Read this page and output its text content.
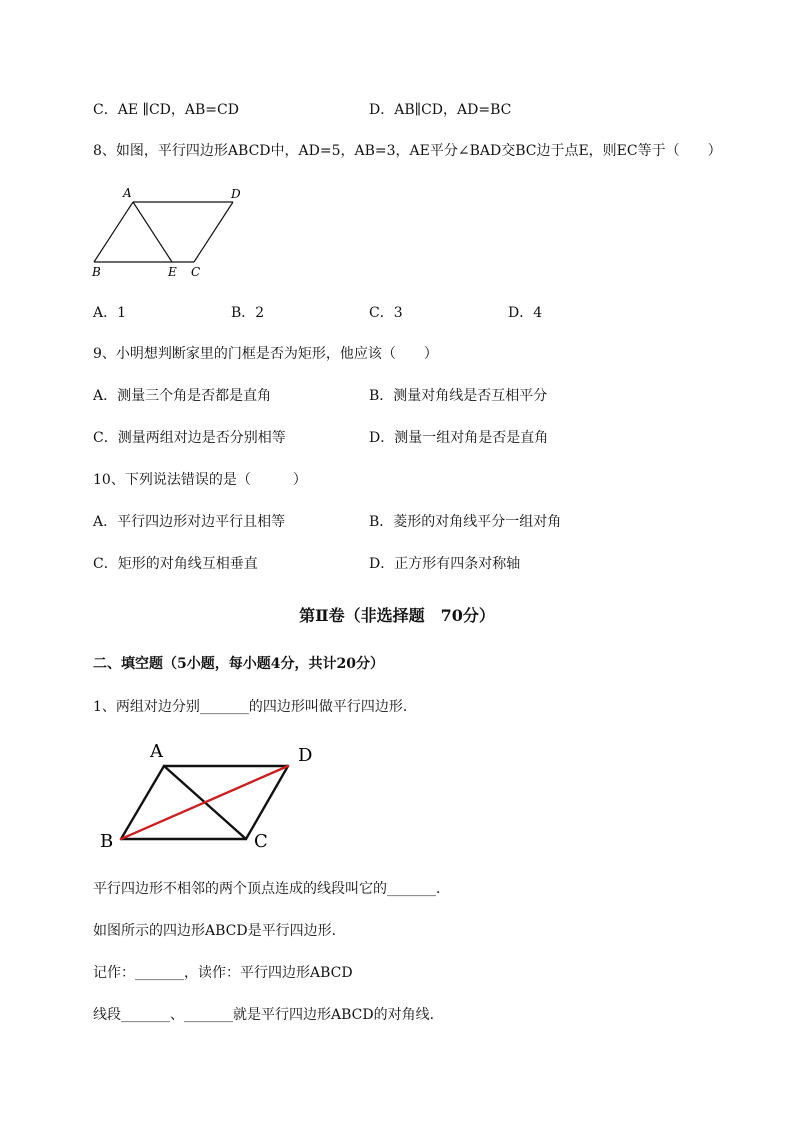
C．AE ∥CD，AB=CD	D．AB∥CD，AD=BC
8、如图，平行四边形ABCD中，AD=5，AB=3，AE平分∠BAD交BC边于点E，则EC等于（　　）
A	D
B	E C
A．1	B．2	C．3	D．4
9、小明想判断家里的门框是否为矩形，他应该（　　）
A．测量三个角是否都是直角	B．测量对角线是否互相平分
C．测量两组对边是否分别相等	D．测量一组对角是否是直角
10、下列说法错误的是（　　　）
A．平行四边形对边平行且相等	B．菱形的对角线平分一组对角
C．矩形的对角线互相垂直	D．正方形有四条对称轴
第Ⅱ卷（非选择题　70分）
二、填空题（5小题，每小题4分，共计20分）
1、两组对边分别_______的四边形叫做平行四边形．
A	D
B	C
平行四边形不相邻的两个顶点连成的线段叫它的_______．
如图所示的四边形ABCD是平行四边形．
记作：_______，读作：平行四边形ABCD
线段_______、_______就是平行四边形ABCD的对角线．
